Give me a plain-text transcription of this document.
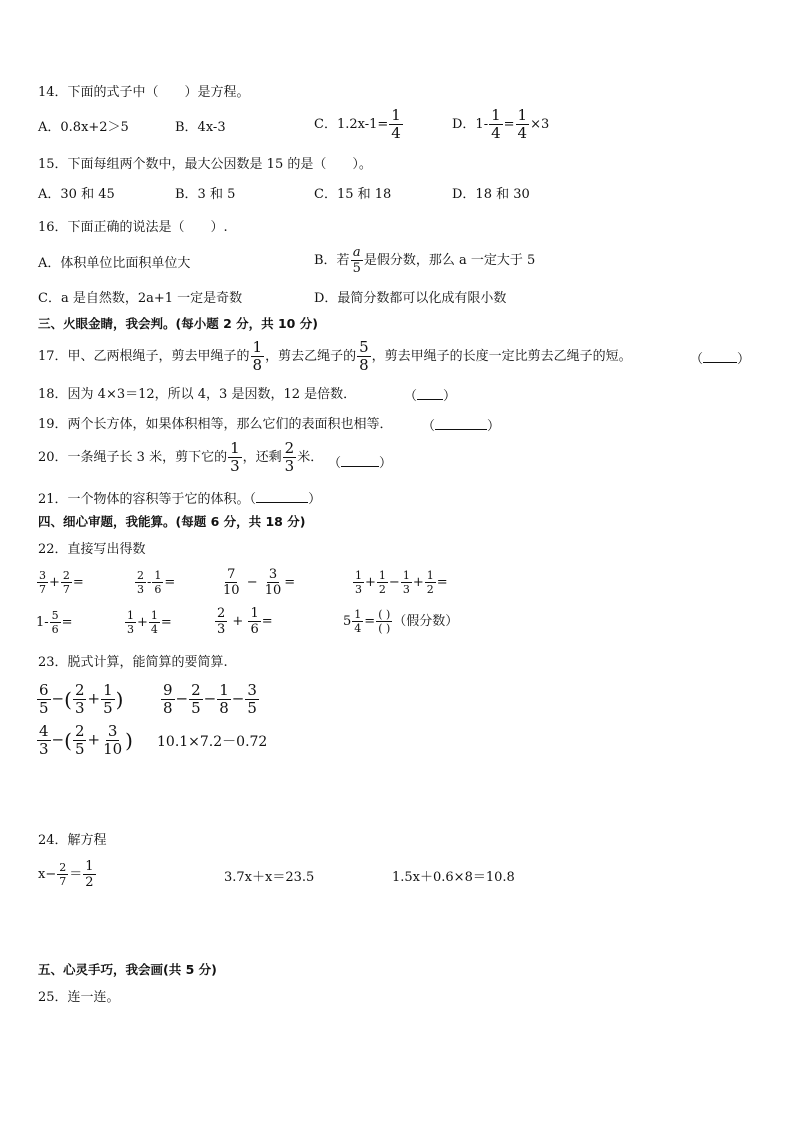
14．下面的式子中（　　）是方程。
A．0.8x+2＞5	B．4x-3	C．$1.2x-1= \frac{1}{4}$	D．$1- \frac{1}{4} = \frac{1}{4} \times 3$
15．下面每组两个数中，最大公因数是 15 的是（　　）。
A．30 和 45	B．3 和 5	C．15 和 18	D．18 和 30
16．下面正确的说法是（　　）.
A．体积单位比面积单位大	B．若 $\frac{a}{5}$ 是假分数，那么 a 一定大于 5
C．a 是自然数，2a+1 一定是奇数	D．最简分数都可以化成有限小数
三、火眼金睛，我会判。(每小题 2 分，共 10 分)
17．甲、乙两根绳子，剪去甲绳子的 $\frac{1}{8}$ ，剪去乙绳子的 $\frac{5}{8}$ ，剪去甲绳子的长度一定比剪去乙绳子的短。	（	）
18．因为 4×3＝12，所以 4，3 是因数，12 是倍数．	（ ）
19．两个长方体，如果体积相等，那么它们的表面积也相等． （	）
20．一条绳子长 3 米，剪下它的 $\frac{1}{3}$ ，还剩 $\frac{2}{3}$ 米． （	）
21．一个物体的容积等于它的体积。（	）
四、细心审题，我能算。(每题 6 分，共 18 分)
22．直接写出得数
$\frac{3}{7} + \frac{2}{7}$ =	$\frac{2}{3} - \frac{1}{6}$ =	$\frac{7}{10} - \frac{3}{10}$ =	$\frac{1}{3} + \frac{1}{2} - \frac{1}{3} + \frac{1}{2}$ =
$1- \frac{5}{6}$ =	$\frac{1}{3} + \frac{1}{4}$ =	$\frac{2}{3} + \frac{1}{6}$ =	$5 \frac{1}{4} = \frac{( )}{( )}$ （假分数）
23．脱式计算，能简算的要简算.
$\frac{6}{5}$ −( $\frac{2}{3} + \frac{1}{5}$ )	$\frac{9}{8} - \frac{2}{5} - \frac{1}{8} - \frac{3}{5}$
$\frac{4}{3}$ −( $\frac{2}{5} + \frac{3}{10}$ ) 10.1×7.2－0.72
24．解方程
$x- \frac{2}{7} = \frac{1}{2}$	3.7x＋x＝23.5	1.5x＋0.6×8＝10.8
五、心灵手巧，我会画(共 5 分)
25．连一连。
